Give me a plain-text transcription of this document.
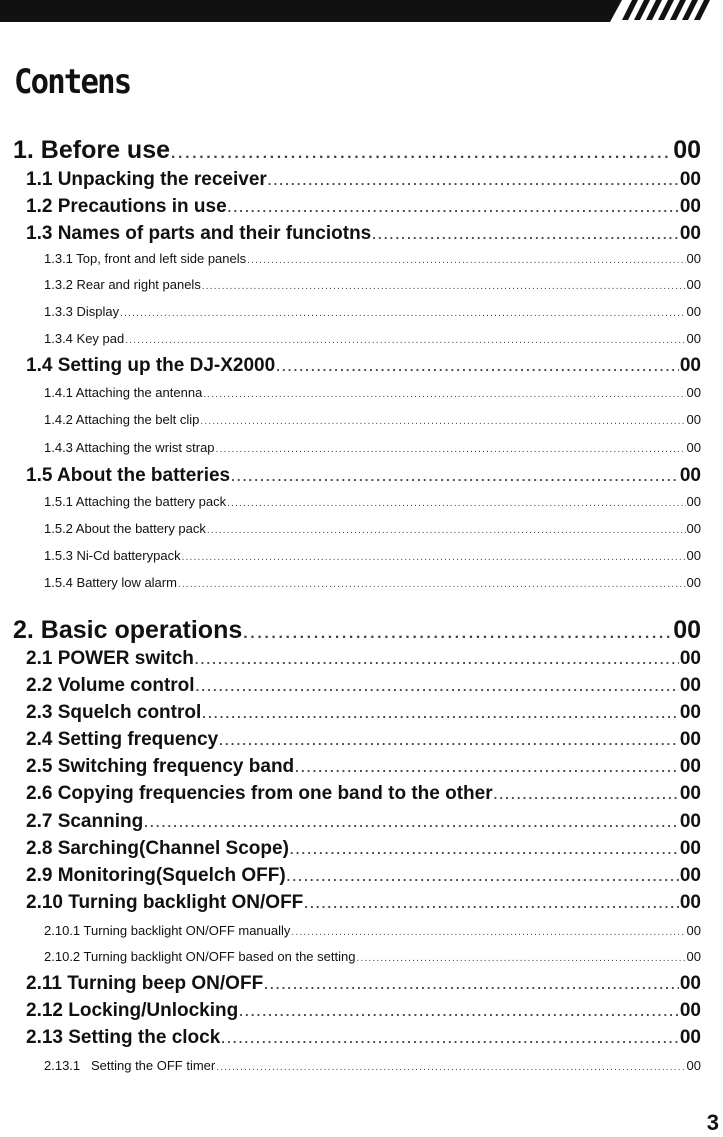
Contens
1. Before use .....	00
1.1 Unpacking the receiver .....	00
1.2 Precautions in use .....	00
1.3 Names of parts and their funciotns .....	00
1.3.1 Top, front and left side panels .....	00
1.3.2 Rear and right panels .....	00
1.3.3 Display .....	00
1.3.4 Key pad .....	00
1.4 Setting up the DJ-X2000 .....	00
1.4.1 Attaching the antenna .....	00
1.4.2 Attaching the belt clip .....	00
1.4.3 Attaching the wrist strap .....	00
1.5 About the batteries .....	00
1.5.1 Attaching the battery pack .....	00
1.5.2 About the battery pack .....	00
1.5.3 Ni-Cd batterypack .....	00
1.5.4 Battery low alarm .....	00
2. Basic operations .....	00
2.1 POWER switch .....	00
2.2 Volume control .....	00
2.3 Squelch control .....	00
2.4 Setting frequency .....	00
2.5 Switching frequency band .....	00
2.6 Copying frequencies from one band to the other .....	00
2.7 Scanning .....	00
2.8 Sarching(Channel Scope) .....	00
2.9 Monitoring(Squelch OFF) .....	00
2.10 Turning backlight ON/OFF .....	00
2.10.1 Turning backlight ON/OFF manually .....	00
2.10.2 Turning backlight ON/OFF based on the setting .....	00
2.11 Turning beep ON/OFF .....	00
2.12 Locking/Unlocking .....	00
2.13 Setting the clock .....	00
2.13.1   Setting the OFF timer .....	00

3
